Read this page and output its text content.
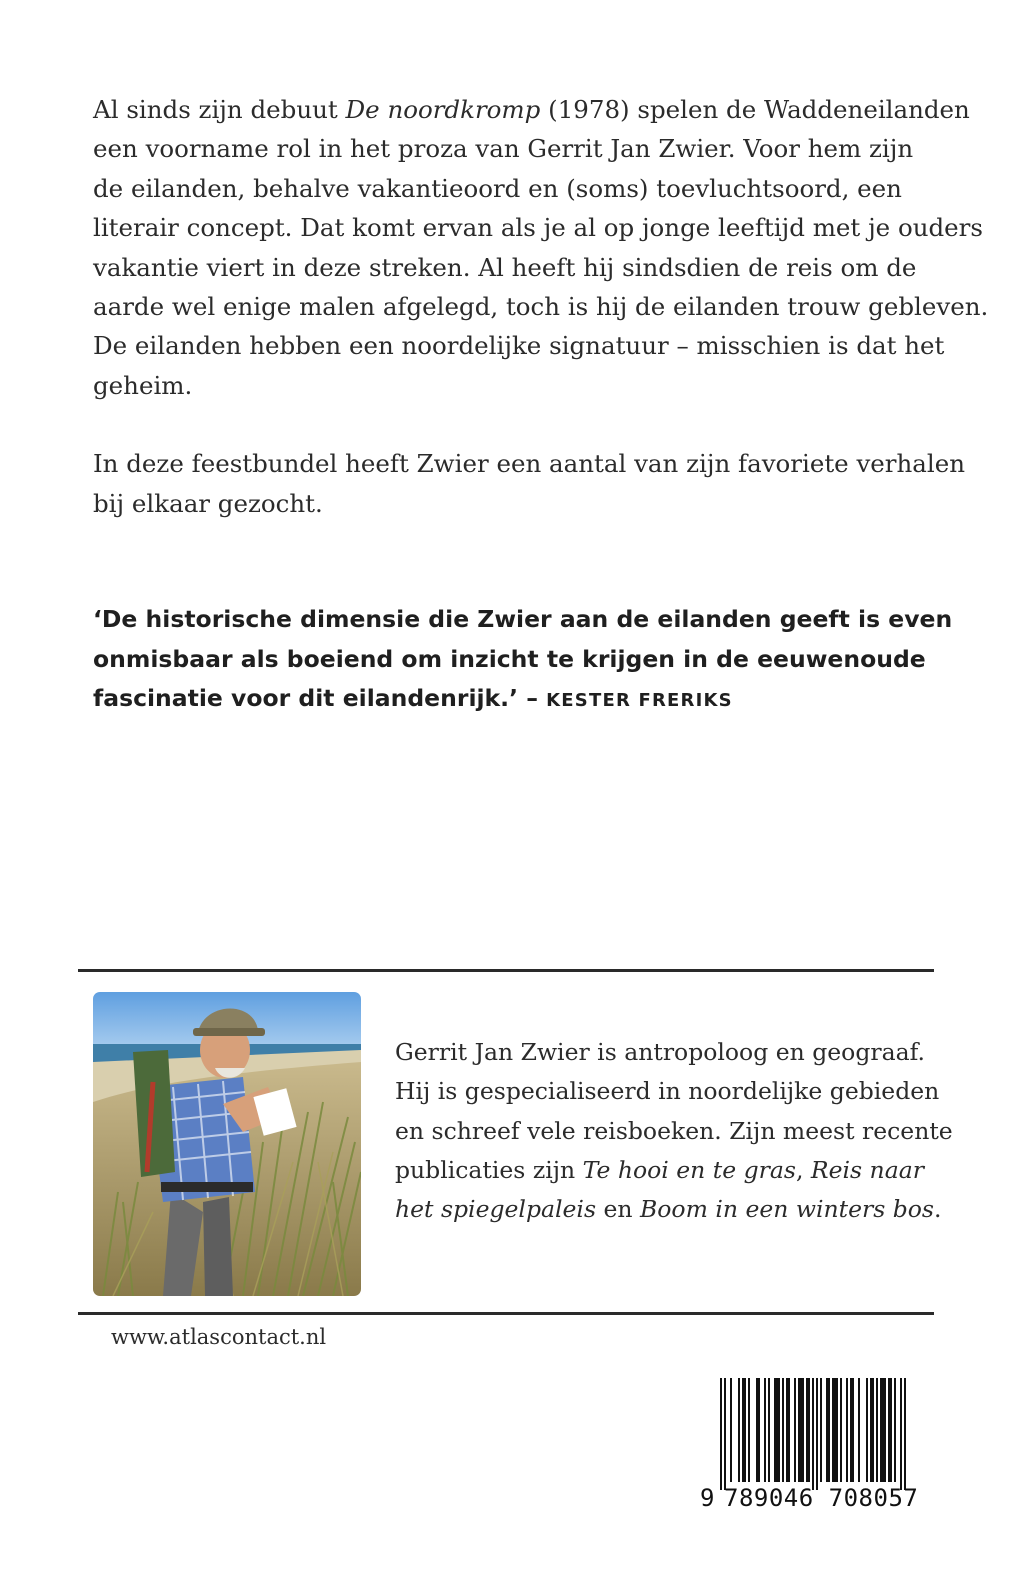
Al sinds zijn debuut De noordkromp (1978) spelen de Waddeneilanden
een voorname rol in het proza van Gerrit Jan Zwier. Voor hem zijn
de eilanden, behalve vakantieoord en (soms) toevluchtsoord, een
literair concept. Dat komt ervan als je al op jonge leeftijd met je ouders
vakantie viert in deze streken. Al heeft hij sindsdien de reis om de
aarde wel enige malen afgelegd, toch is hij de eilanden trouw gebleven.
De eilanden hebben een noordelijke signatuur – misschien is dat het
geheim.

In deze feestbundel heeft Zwier een aantal van zijn favoriete verhalen
bij elkaar gezocht.

‘De historische dimensie die Zwier aan de eilanden geeft is even
onmisbaar als boeiend om inzicht te krijgen in de eeuwenoude
fascinatie voor dit eilandenrijk.’ – KESTER FRERIKS
Gerrit Jan Zwier is antropoloog en geograaf.
Hij is gespecialiseerd in noordelijke gebieden
en schreef vele reisboeken. Zijn meest recente
publicaties zijn Te hooi en te gras, Reis naar
het spiegelpaleis en Boom in een winters bos.
www.atlascontact.nl
9 789046 708057
